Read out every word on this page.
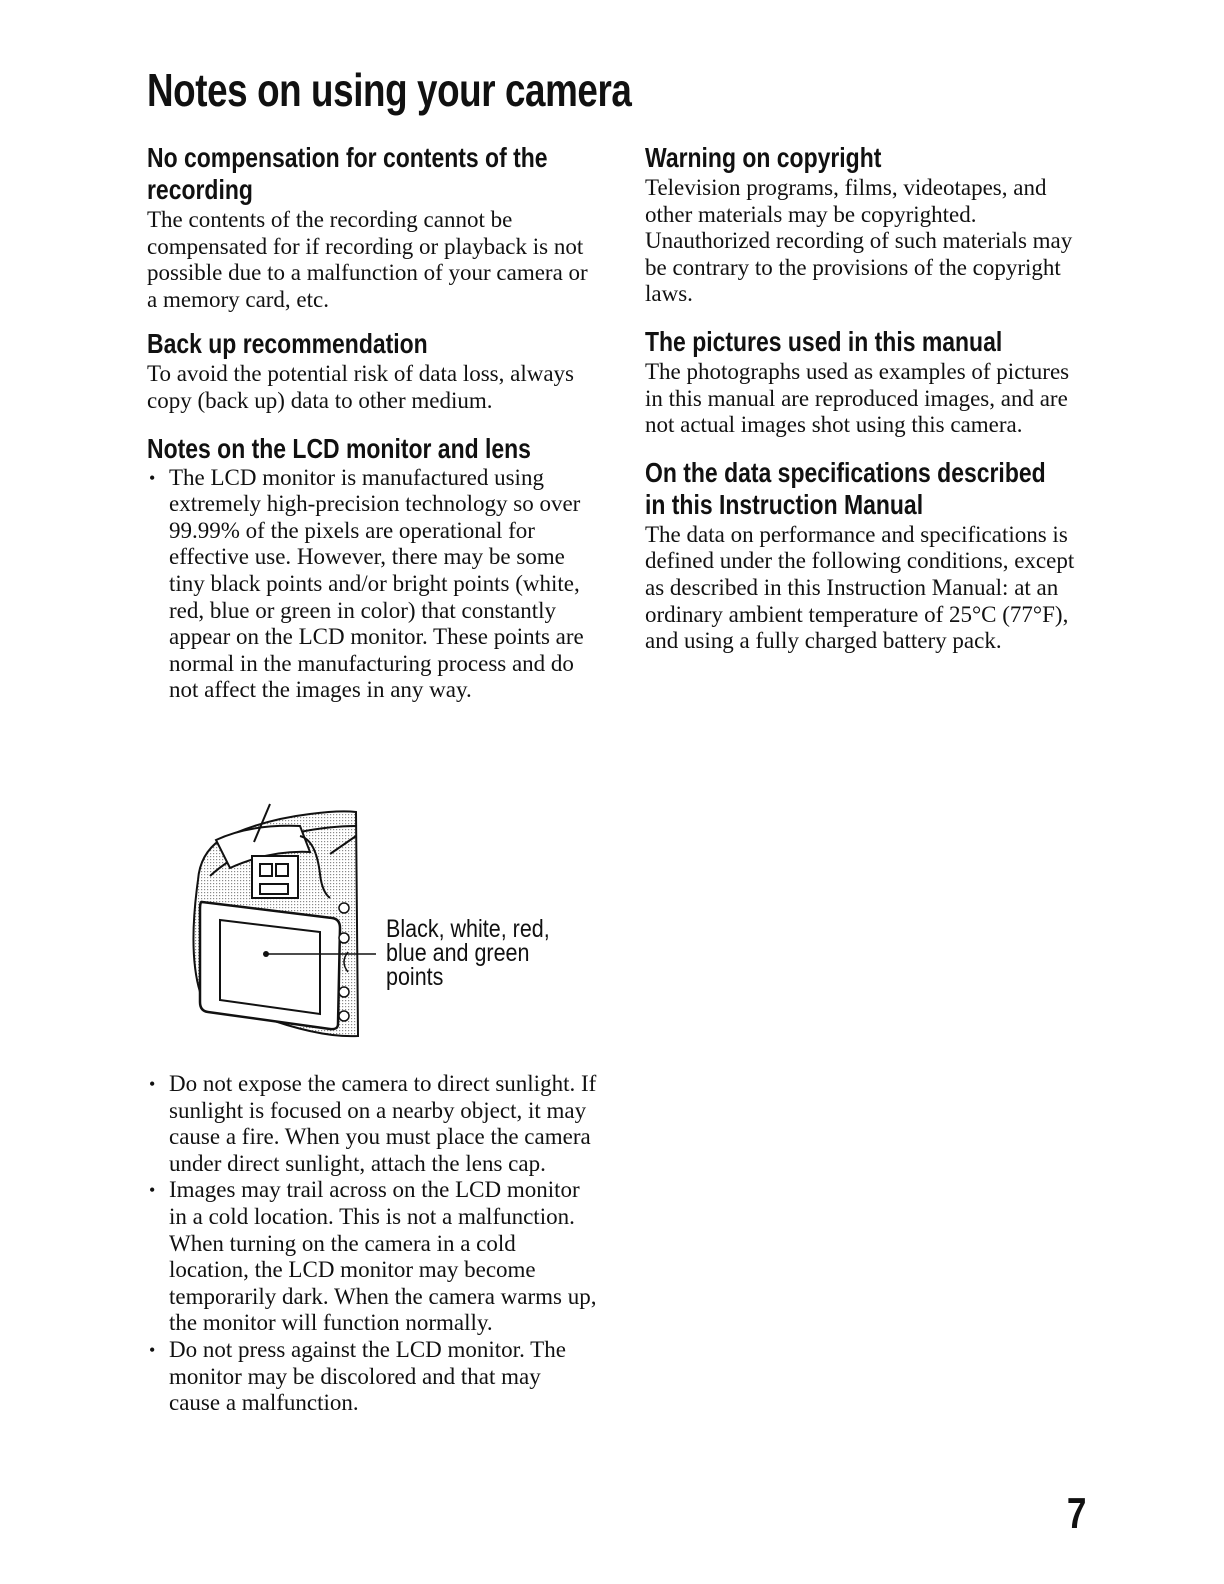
Notes on using your camera
No compensation for contents of the
recording

The contents of the recording cannot be compensated for if recording or playback is not possible due to a malfunction of your camera or a memory card, etc.

Back up recommendation

To avoid the potential risk of data loss, always copy (back up) data to other medium.

Notes on the LCD monitor and lens
• The LCD monitor is manufactured using extremely high-precision technology so over 99.99% of the pixels are operational for effective use. However, there may be some tiny black points and/or bright points (white, red, blue or green in color) that constantly appear on the LCD monitor. These points are normal in the manufacturing process and do not affect the images in any way.

Black, white, red,
blue and green
points

• Do not expose the camera to direct sunlight. If sunlight is focused on a nearby object, it may cause a fire. When you must place the camera under direct sunlight, attach the lens cap.
• Images may trail across on the LCD monitor in a cold location. This is not a malfunction. When turning on the camera in a cold location, the LCD monitor may become temporarily dark. When the camera warms up, the monitor will function normally.
• Do not press against the LCD monitor. The monitor may be discolored and that may cause a malfunction.
Warning on copyright

Television programs, films, videotapes, and other materials may be copyrighted. Unauthorized recording of such materials may be contrary to the provisions of the copyright laws.

The pictures used in this manual

The photographs used as examples of pictures in this manual are reproduced images, and are not actual images shot using this camera.

On the data specifications described
in this Instruction Manual

The data on performance and specifications is defined under the following conditions, except as described in this Instruction Manual: at an ordinary ambient temperature of 25°C (77°F), and using a fully charged battery pack.

7
